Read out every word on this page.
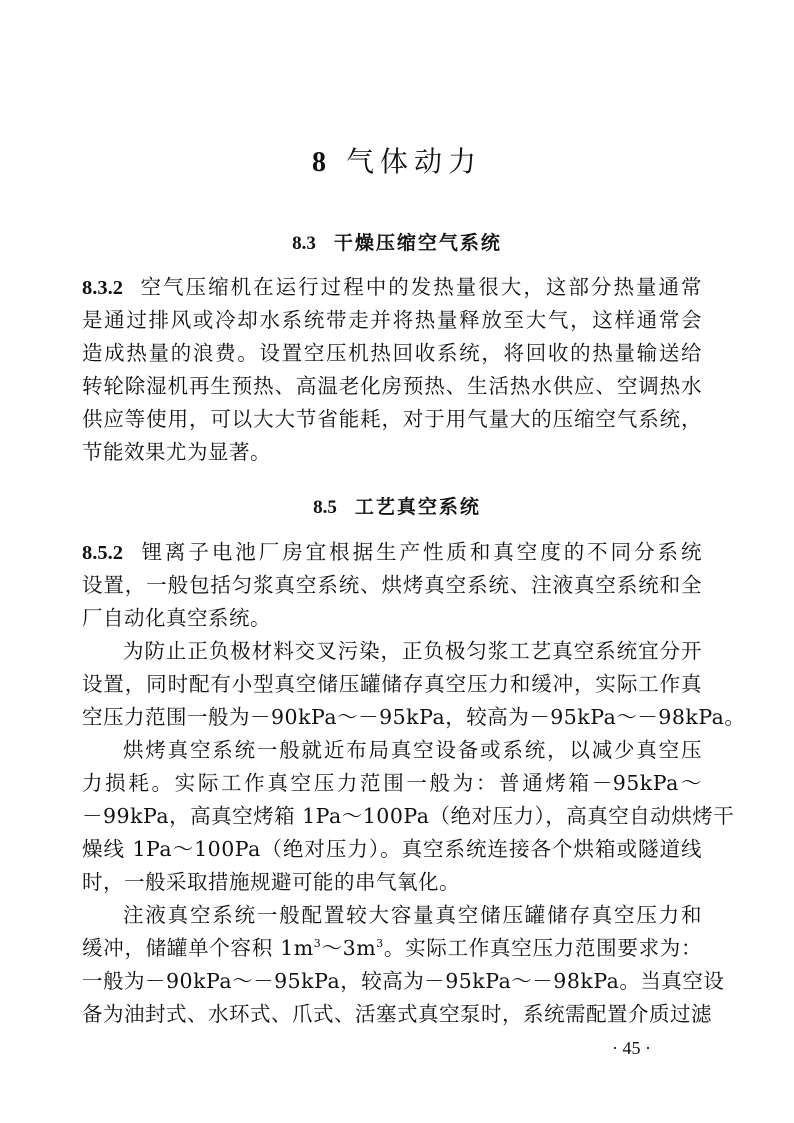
8 气体动力
8.3 干燥压缩空气系统
8.3.2 空气压缩机在运行过程中的发热量很大，这部分热量通常
是通过排风或冷却水系统带走并将热量释放至大气，这样通常会
造成热量的浪费。设置空压机热回收系统，将回收的热量输送给
转轮除湿机再生预热、高温老化房预热、生活热水供应、空调热水
供应等使用，可以大大节省能耗，对于用气量大的压缩空气系统，
节能效果尤为显著。
8.5 工艺真空系统
8.5.2 锂离子电池厂房宜根据生产性质和真空度的不同分系统
设置，一般包括匀浆真空系统、烘烤真空系统、注液真空系统和全
厂自动化真空系统。
为防止正负极材料交叉污染，正负极匀浆工艺真空系统宜分开
设置，同时配有小型真空储压罐储存真空压力和缓冲，实际工作真
空压力范围一般为－90kPa～－95kPa，较高为－95kPa～－98kPa。
烘烤真空系统一般就近布局真空设备或系统，以减少真空压
力损耗。实际工作真空压力范围一般为：普通烤箱－95kPa～
－99kPa，高真空烤箱 1Pa～100Pa（绝对压力），高真空自动烘烤干
燥线 1Pa～100Pa（绝对压力）。真空系统连接各个烘箱或隧道线
时，一般采取措施规避可能的串气氧化。
注液真空系统一般配置较大容量真空储压罐储存真空压力和
缓冲，储罐单个容积 $1m^3\sim 3m^3$。实际工作真空压力范围要求为：
一般为－90kPa～－95kPa，较高为－95kPa～－98kPa。当真空设
备为油封式、水环式、爪式、活塞式真空泵时，系统需配置介质过滤
· 45 ·
